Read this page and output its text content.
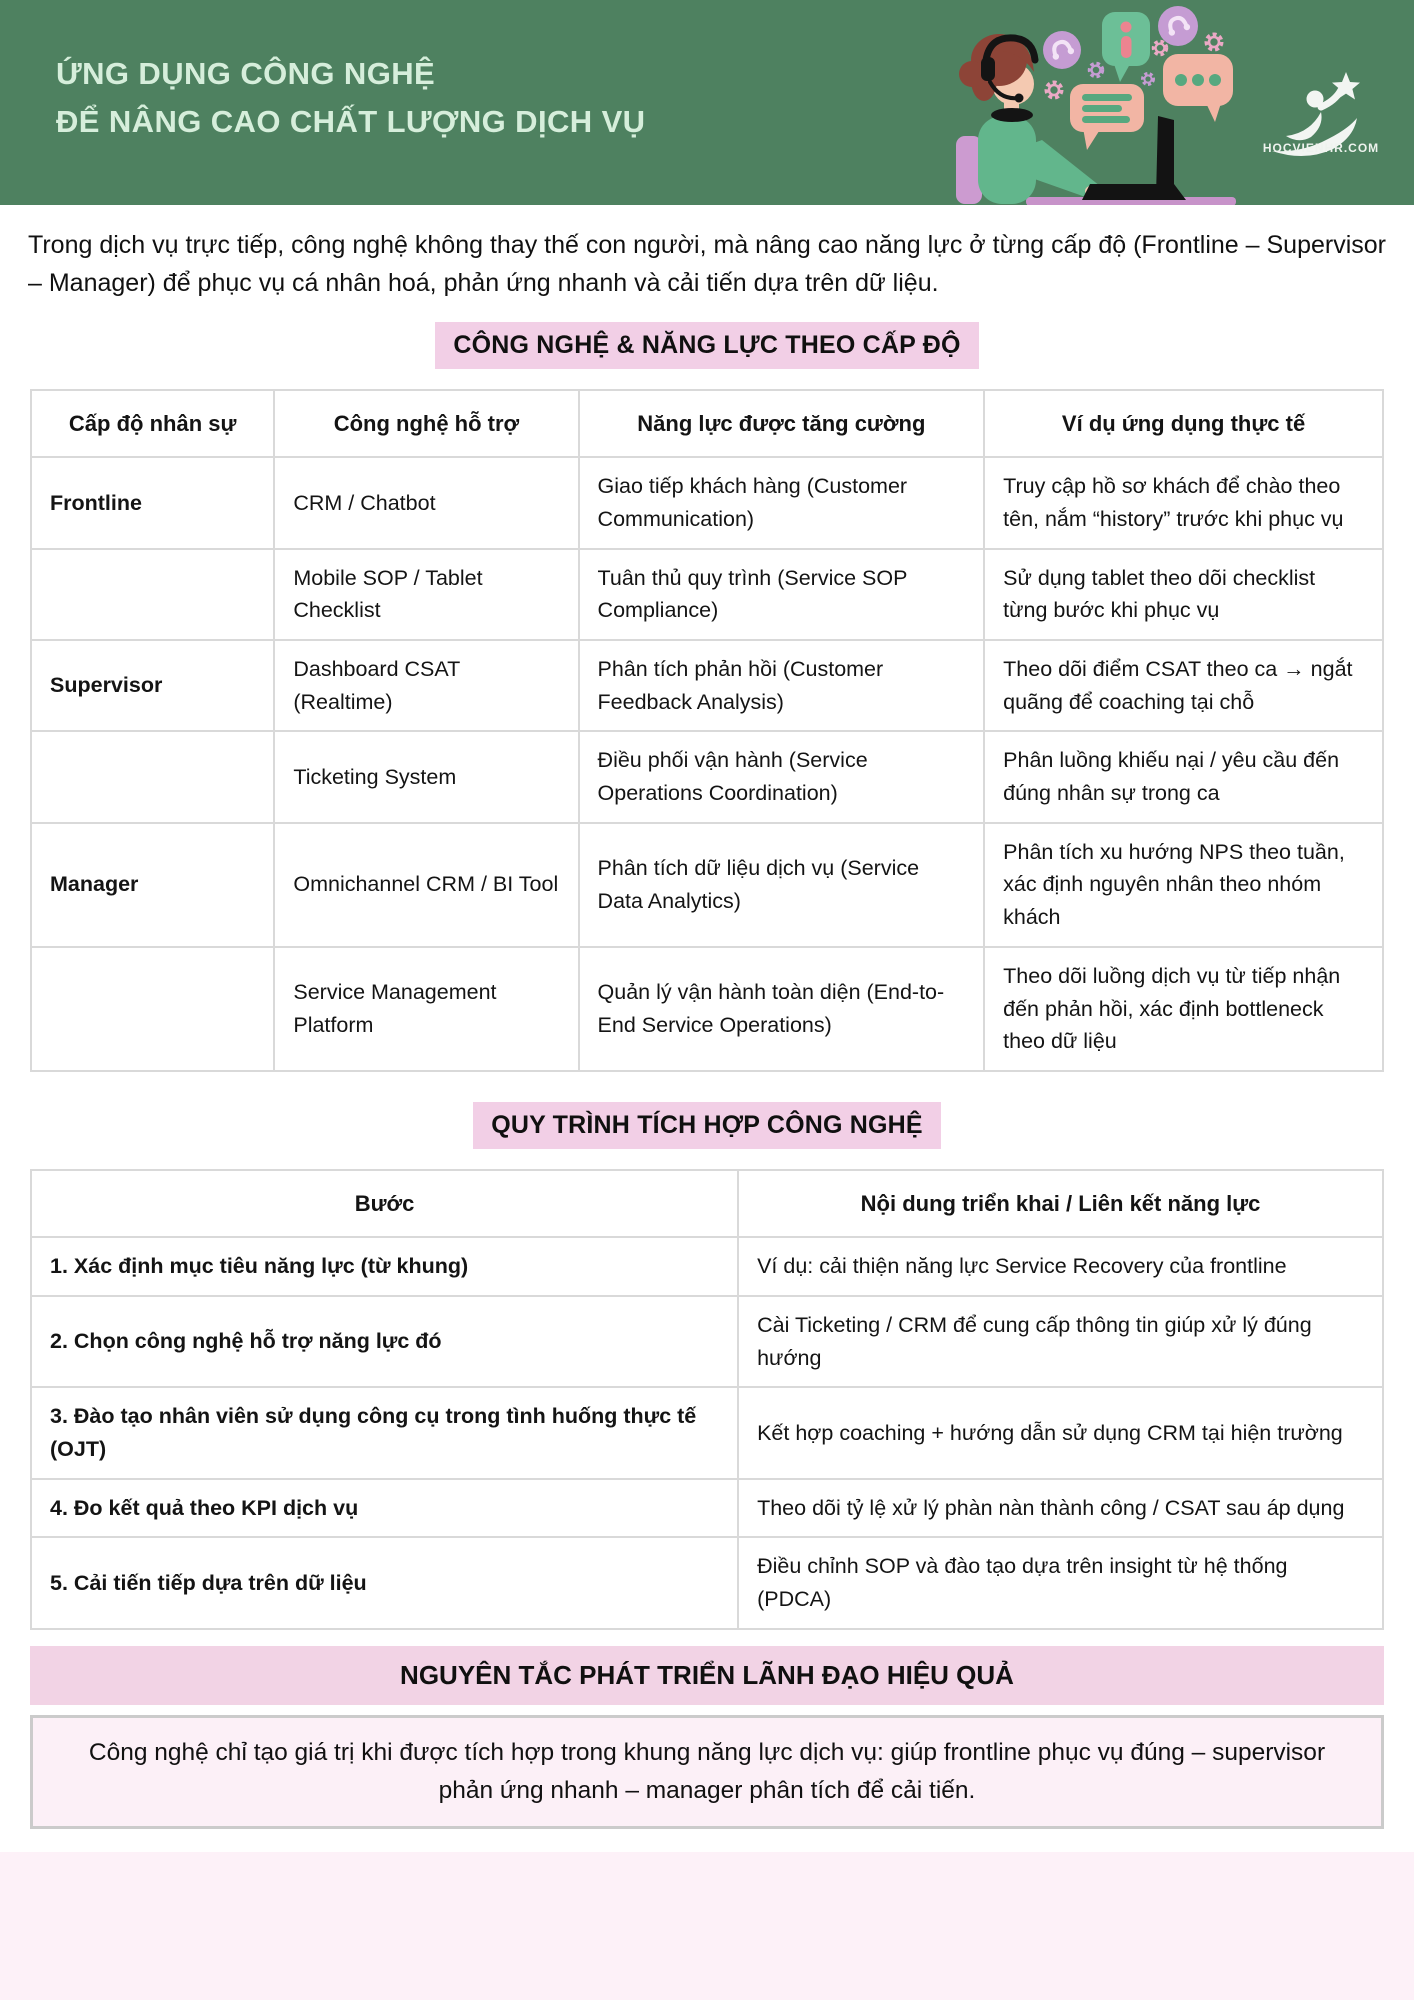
ỨNG DỤNG CÔNG NGHỆ
ĐỂ NÂNG CAO CHẤT LƯỢNG DỊCH VỤ
HOCVIENHR.COM

Trong dịch vụ trực tiếp, công nghệ không thay thế con người, mà nâng cao năng lực ở từng cấp độ (Frontline – Supervisor – Manager) để phục vụ cá nhân hoá, phản ứng nhanh và cải tiến dựa trên dữ liệu.

CÔNG NGHỆ & NĂNG LỰC THEO CẤP ĐỘ
Cấp độ nhân sự	Công nghệ hỗ trợ	Năng lực được tăng cường	Ví dụ ứng dụng thực tế
Frontline	CRM / Chatbot	Giao tiếp khách hàng (Customer Communication)	Truy cập hồ sơ khách để chào theo tên, nắm “history” trước khi phục vụ
	Mobile SOP / Tablet Checklist	Tuân thủ quy trình (Service SOP Compliance)	Sử dụng tablet theo dõi checklist từng bước khi phục vụ
Supervisor	Dashboard CSAT (Realtime)	Phân tích phản hồi (Customer Feedback Analysis)	Theo dõi điểm CSAT theo ca → ngắt quãng để coaching tại chỗ
	Ticketing System	Điều phối vận hành (Service Operations Coordination)	Phân luồng khiếu nại / yêu cầu đến đúng nhân sự trong ca
Manager	Omnichannel CRM / BI Tool	Phân tích dữ liệu dịch vụ (Service Data Analytics)	Phân tích xu hướng NPS theo tuần, xác định nguyên nhân theo nhóm khách
	Service Management Platform	Quản lý vận hành toàn diện (End-to-End Service Operations)	Theo dõi luồng dịch vụ từ tiếp nhận đến phản hồi, xác định bottleneck theo dữ liệu
QUY TRÌNH TÍCH HỢP CÔNG NGHỆ
Bước	Nội dung triển khai / Liên kết năng lực
1. Xác định mục tiêu năng lực (từ khung)	Ví dụ: cải thiện năng lực Service Recovery của frontline
2. Chọn công nghệ hỗ trợ năng lực đó	Cài Ticketing / CRM để cung cấp thông tin giúp xử lý đúng hướng
3. Đào tạo nhân viên sử dụng công cụ trong tình huống thực tế (OJT)	Kết hợp coaching + hướng dẫn sử dụng CRM tại hiện trường
4. Đo kết quả theo KPI dịch vụ	Theo dõi tỷ lệ xử lý phàn nàn thành công / CSAT sau áp dụng
5. Cải tiến tiếp dựa trên dữ liệu	Điều chỉnh SOP và đào tạo dựa trên insight từ hệ thống (PDCA)
NGUYÊN TẮC PHÁT TRIỂN LÃNH ĐẠO HIỆU QUẢ
Công nghệ chỉ tạo giá trị khi được tích hợp trong khung năng lực dịch vụ: giúp frontline phục vụ đúng – supervisor phản ứng nhanh – manager phân tích để cải tiến.
